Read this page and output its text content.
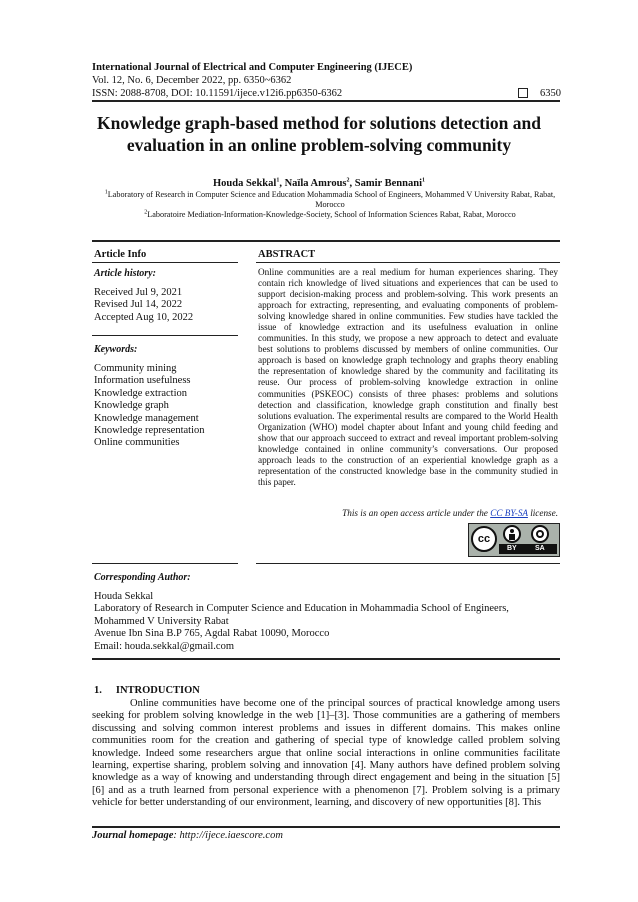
International Journal of Electrical and Computer Engineering (IJECE)
Vol. 12, No. 6, December 2022, pp. 6350~6362
ISSN: 2088-8708, DOI: 10.11591/ijece.v12i6.pp6350-6362	6350
Knowledge graph-based method for solutions detection and
evaluation in an online problem-solving community
Houda Sekkal$^1$, Naïla Amrous$^2$, Samir Bennani$^1$
$^1$Laboratory of Research in Computer Science and Education Mohammadia School of Engineers, Mohammed V University Rabat, Rabat, Morocco
$^2$Laboratoire Mediation-Information-Knowledge-Society, School of Information Sciences Rabat, Rabat, Morocco
Article Info	ABSTRACT
Article history:
Received Jul 9, 2021
Revised Jul 14, 2022
Accepted Aug 10, 2022
Keywords:
Community mining
Information usefulness
Knowledge extraction
Knowledge graph
Knowledge management
Knowledge representation
Online communities
Online communities are a real medium for human experiences sharing. They contain rich knowledge of lived situations and experiences that can be used to support decision-making process and problem-solving. This work presents an approach for extracting, representing, and evaluating components of problem-solving knowledge shared in online communities. Few studies have tackled the issue of knowledge extraction and its usefulness evaluation in online communities. In this study, we propose a new approach to detect and evaluate best solutions to problems discussed by members of online communities. Our approach is based on knowledge graph technology and graphs theory enabling the representation of knowledge shared by the community and facilitating its reuse. Our process of problem-solving knowledge extraction in online communities (PSKEOC) consists of three phases: problems and solutions detection and classification, knowledge graph constitution and finally best solutions evaluation. The experimental results are compared to the World Health Organization (WHO) model chapter about Infant and young child feeding and show that our approach succeed to extract and reveal important problem-solving knowledge contained in online community’s conversations. Our proposed approach leads to the construction of an experiential knowledge graph as a representation of the constructed knowledge base in the community studied in this paper.
This is an open access article under the CC BY-SA license.
cc
BY	SA
Corresponding Author:
Houda Sekkal
Laboratory of Research in Computer Science and Education in Mohammadia School of Engineers,
Mohammed V University Rabat
Avenue Ibn Sina B.P 765, Agdal Rabat 10090, Morocco
Email: houda.sekkal@gmail.com
1. INTRODUCTION
Online communities have become one of the principal sources of practical knowledge among users seeking for problem solving knowledge in the web [1]–[3]. Those communities are a gathering of members discussing and solving common interest problems and issues in different domains. This makes online communities room for the creation and gathering of special type of knowledge called problem solving knowledge. Indeed some researchers argue that online social interactions in online communities facilitate learning, expertise sharing, problem solving and innovation [4]. Many authors have defined problem solving knowledge as a way of knowing and understanding through direct engagement and being in the situation [5] [6] and as a truth learned from personal experience with a phenomenon [7]. Problem solving is a primary vehicle for better understanding of our environment, learning, and discovery of new opportunities [8]. This
Journal homepage: http://ijece.iaescore.com
